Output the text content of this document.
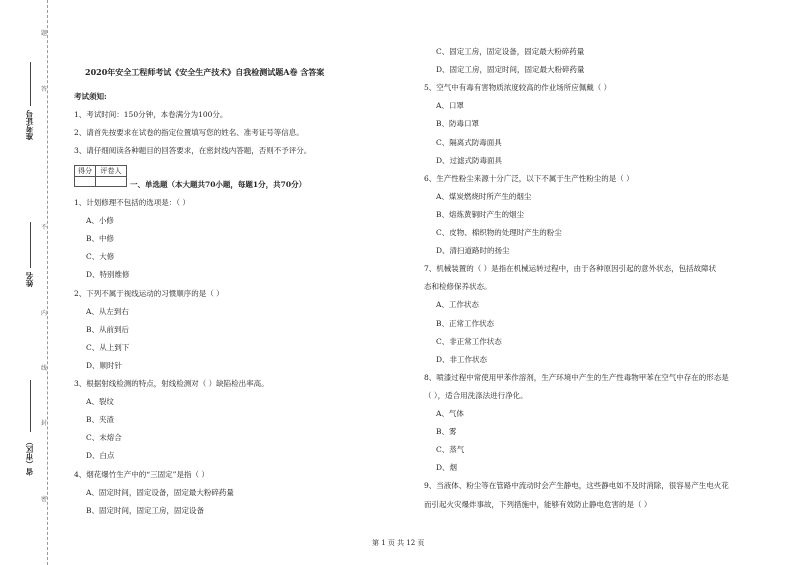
题
答
不
内
线
封
密
准考证号
姓名
省（市区）
2020年安全工程师考试《安全生产技术》自我检测试题A卷 含答案
考试须知:
1、考试时间：150分钟，本卷满分为100分。
2、请首先按要求在试卷的指定位置填写您的姓名、准考证号等信息。
3、请仔细阅读各种题目的回答要求，在密封线内答题，否则不予评分。
得分	评卷人

一、单选题（本大题共70小题，每题1分，共70分）
1、计划修理不包括的选项是：（ ）
A、小修
B、中修
C、大修
D、特别维修
2、下列不属于视线运动的习惯顺序的是（ ）
A、从左到右
B、从前到后
C、从上到下
D、顺时针
3、根据射线检测的特点，射线检测对（ ）缺陷检出率高。
A、裂纹
B、夹渣
C、未熔合
D、白点
4、烟花爆竹生产中的“三固定”是指（ ）
A、固定时间，固定设备，固定最大粉碎药量
B、固定时间，固定工房，固定设备
C、固定工房，固定设备，固定最大粉碎药量
D、固定工房，固定时间，固定最大粉碎药量
5、空气中有毒有害物质浓度较高的作业场所应佩戴（ ）
A、口罩
B、防毒口罩
C、隔离式防毒面具
D、过滤式防毒面具
6、生产性粉尘来源十分广泛，以下不属于生产性粉尘的是（ ）
A、煤炭燃烧时所产生的烟尘
B、熔炼黄铜时产生的烟尘
C、皮物、棉织物的处理时产生的粉尘
D、清扫道路时的扬尘
7、机械装置的（ ）是指在机械运转过程中，由于各种原因引起的意外状态，包括故障状
态和检修保养状态。
A、工作状态
B、正常工作状态
C、非正常工作状态
D、非工作状态
8、喷漆过程中常使用甲苯作溶剂，生产环境中产生的生产性毒物甲苯在空气中存在的形态是
（ ），适合用洗涤法进行净化。
A、气体
B、雾
C、蒸气
D、烟
9、当液体、粉尘等在管路中流动时会产生静电，这些静电如不及时消除，很容易产生电火花
而引起火灾爆炸事故，下列措施中，能够有效防止静电危害的是（ ）
第 1 页 共 12 页
